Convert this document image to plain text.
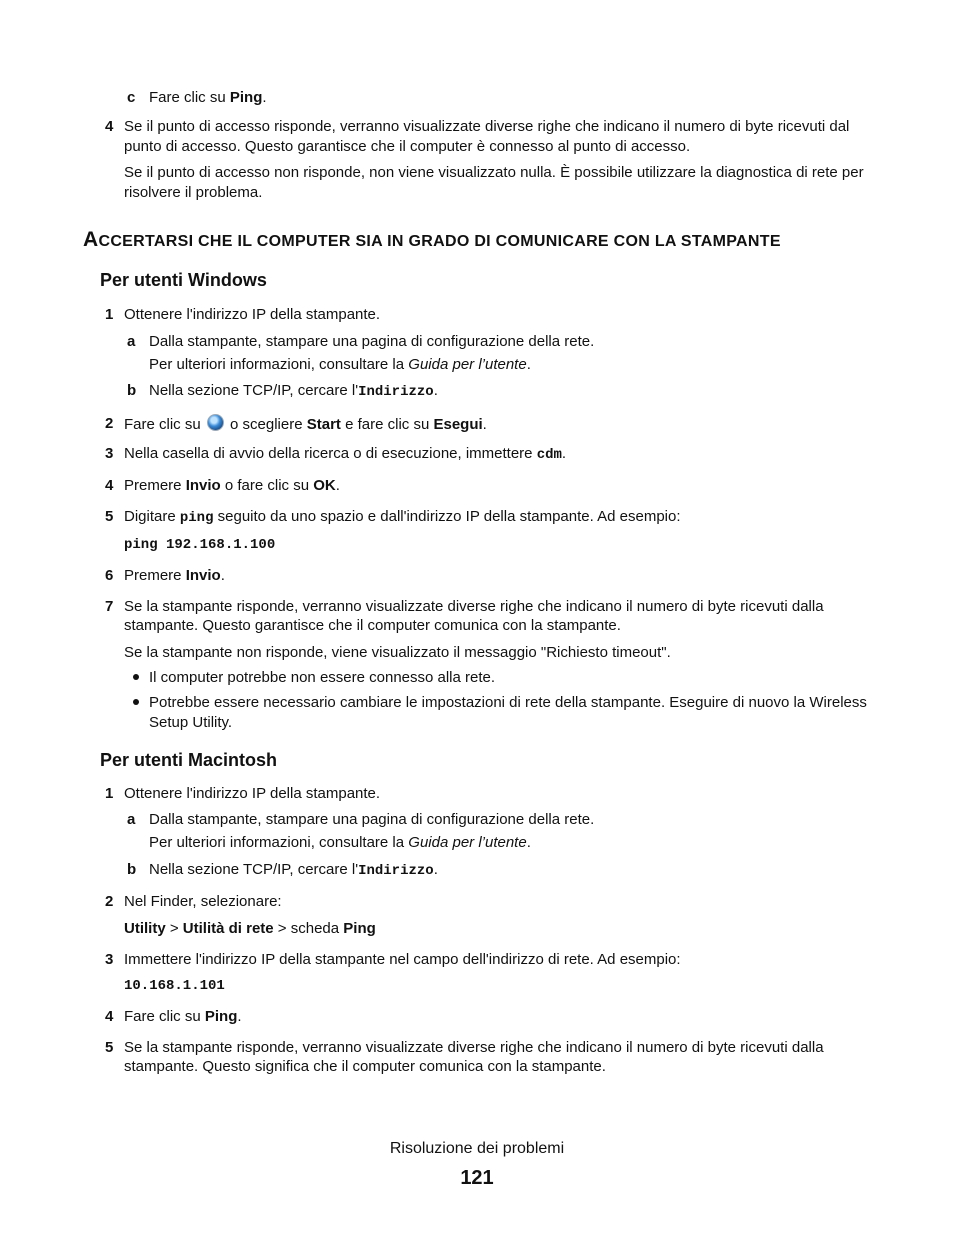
c Fare clic su Ping.
4 Se il punto di accesso risponde, verranno visualizzate diverse righe che indicano il numero di byte ricevuti dal
punto di accesso. Questo garantisce che il computer è connesso al punto di accesso.
Se il punto di accesso non risponde, non viene visualizzato nulla. È possibile utilizzare la diagnostica di rete per
risolvere il problema.
ACCERTARSI CHE IL COMPUTER SIA IN GRADO DI COMUNICARE CON LA STAMPANTE
Per utenti Windows
1 Ottenere l'indirizzo IP della stampante.
a Dalla stampante, stampare una pagina di configurazione della rete.
Per ulteriori informazioni, consultare la Guida per l’utente.
b Nella sezione TCP/IP, cercare l'Indirizzo.
2 Fare clic su  o scegliere Start e fare clic su Esegui.
3 Nella casella di avvio della ricerca o di esecuzione, immettere cdm.
4 Premere Invio o fare clic su OK.
5 Digitare ping seguito da uno spazio e dall'indirizzo IP della stampante. Ad esempio:
ping 192.168.1.100
6 Premere Invio.
7 Se la stampante risponde, verranno visualizzate diverse righe che indicano il numero di byte ricevuti dalla
stampante. Questo garantisce che il computer comunica con la stampante.
Se la stampante non risponde, viene visualizzato il messaggio "Richiesto timeout".
Il computer potrebbe non essere connesso alla rete.
Potrebbe essere necessario cambiare le impostazioni di rete della stampante. Eseguire di nuovo la Wireless
Setup Utility.
Per utenti Macintosh
1 Ottenere l'indirizzo IP della stampante.
a Dalla stampante, stampare una pagina di configurazione della rete.
Per ulteriori informazioni, consultare la Guida per l’utente.
b Nella sezione TCP/IP, cercare l'Indirizzo.
2 Nel Finder, selezionare:
Utility > Utilità di rete > scheda Ping
3 Immettere l'indirizzo IP della stampante nel campo dell'indirizzo di rete. Ad esempio:
10.168.1.101
4 Fare clic su Ping.
5 Se la stampante risponde, verranno visualizzate diverse righe che indicano il numero di byte ricevuti dalla
stampante. Questo significa che il computer comunica con la stampante.
Risoluzione dei problemi
121
